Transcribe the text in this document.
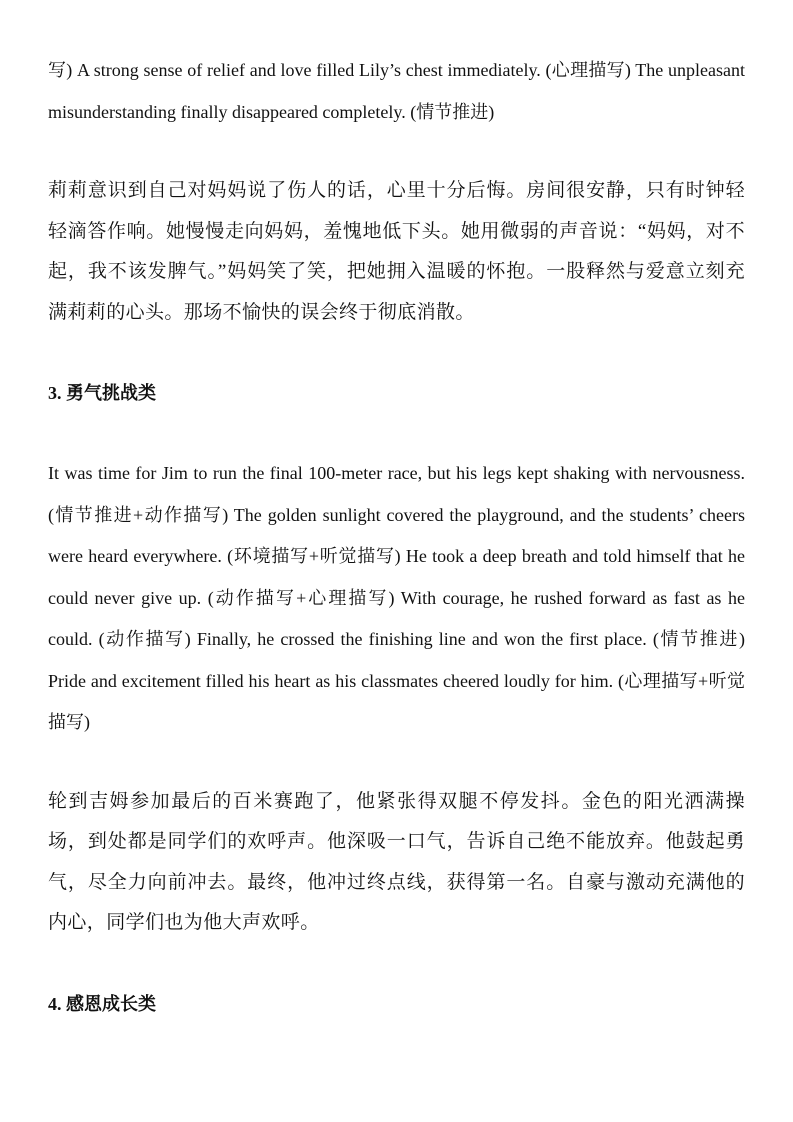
写) A strong sense of relief and love filled Lily’s chest immediately. (心理描写) The unpleasant misunderstanding finally disappeared completely. (情节推进)

莉莉意识到自己对妈妈说了伤人的话，心里十分后悔。房间很安静，只有时钟轻轻滴答作响。她慢慢走向妈妈，羞愧地低下头。她用微弱的声音说：“妈妈，对不起，我不该发脾气。”妈妈笑了笑，把她拥入温暖的怀抱。一股释然与爱意立刻充满莉莉的心头。那场不愉快的误会终于彻底消散。

3. 勇气挑战类

It was time for Jim to run the final 100-meter race, but his legs kept shaking with nervousness. (情节推进+动作描写) The golden sunlight covered the playground, and the students’ cheers were heard everywhere. (环境描写+听觉描写) He took a deep breath and told himself that he could never give up. (动作描写+心理描写) With courage, he rushed forward as fast as he could. (动作描写) Finally, he crossed the finishing line and won the first place. (情节推进) Pride and excitement filled his heart as his classmates cheered loudly for him. (心理描写+听觉描写)

轮到吉姆参加最后的百米赛跑了，他紧张得双腿不停发抖。金色的阳光洒满操场，到处都是同学们的欢呼声。他深吸一口气，告诉自己绝不能放弃。他鼓起勇气，尽全力向前冲去。最终，他冲过终点线，获得第一名。自豪与激动充满他的内心，同学们也为他大声欢呼。

4. 感恩成长类
